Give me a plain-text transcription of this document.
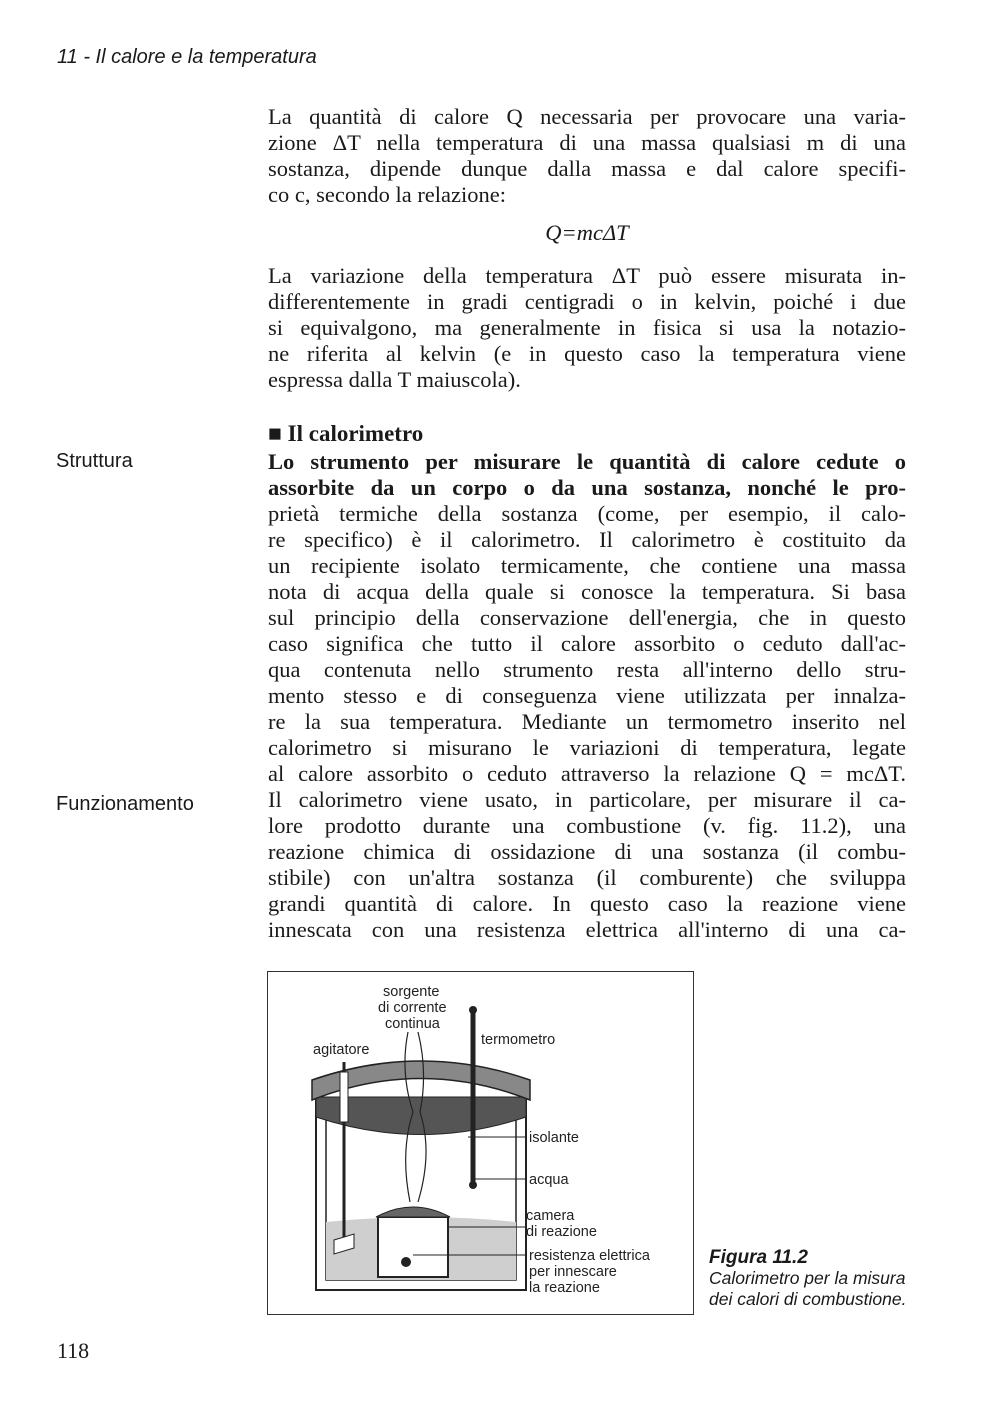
11 - Il calore e la temperatura
La quantità di calore Q necessaria per provocare una varia-
zione ΔT nella temperatura di una massa qualsiasi m di una
sostanza, dipende dunque dalla massa e dal calore specifi-
co c, secondo la relazione:
Q=mcΔT
La variazione della temperatura ΔT può essere misurata in-
differentemente in gradi centigradi o in kelvin, poiché i due
si equivalgono, ma generalmente in fisica si usa la notazio-
ne riferita al kelvin (e in questo caso la temperatura viene
espressa dalla T maiuscola).
■ Il calorimetro
Struttura
Funzionamento
Lo strumento per misurare le quantità di calore cedute o
assorbite da un corpo o da una sostanza, nonché le pro-
prietà termiche della sostanza (come, per esempio, il calo-
re specifico) è il calorimetro. Il calorimetro è costituito da
un recipiente isolato termicamente, che contiene una massa
nota di acqua della quale si conosce la temperatura. Si basa
sul principio della conservazione dell'energia, che in questo
caso significa che tutto il calore assorbito o ceduto dall'ac-
qua contenuta nello strumento resta all'interno dello stru-
mento stesso e di conseguenza viene utilizzata per innalza-
re la sua temperatura. Mediante un termometro inserito nel
calorimetro si misurano le variazioni di temperatura, legate
al calore assorbito o ceduto attraverso la relazione Q = mcΔT.
Il calorimetro viene usato, in particolare, per misurare il ca-
lore prodotto durante una combustione (v. fig. 11.2), una
reazione chimica di ossidazione di una sostanza (il combu-
stibile) con un'altra sostanza (il comburente) che sviluppa
grandi quantità di calore. In questo caso la reazione viene
innescata con una resistenza elettrica all'interno di una ca-
sorgente
di corrente
continua
agitatore
termometro
isolante
acqua
camera
di reazione
resistenza elettrica
per innescare
la reazione
Figura 11.2
Calorimetro per la misura
dei calori di combustione.
118
